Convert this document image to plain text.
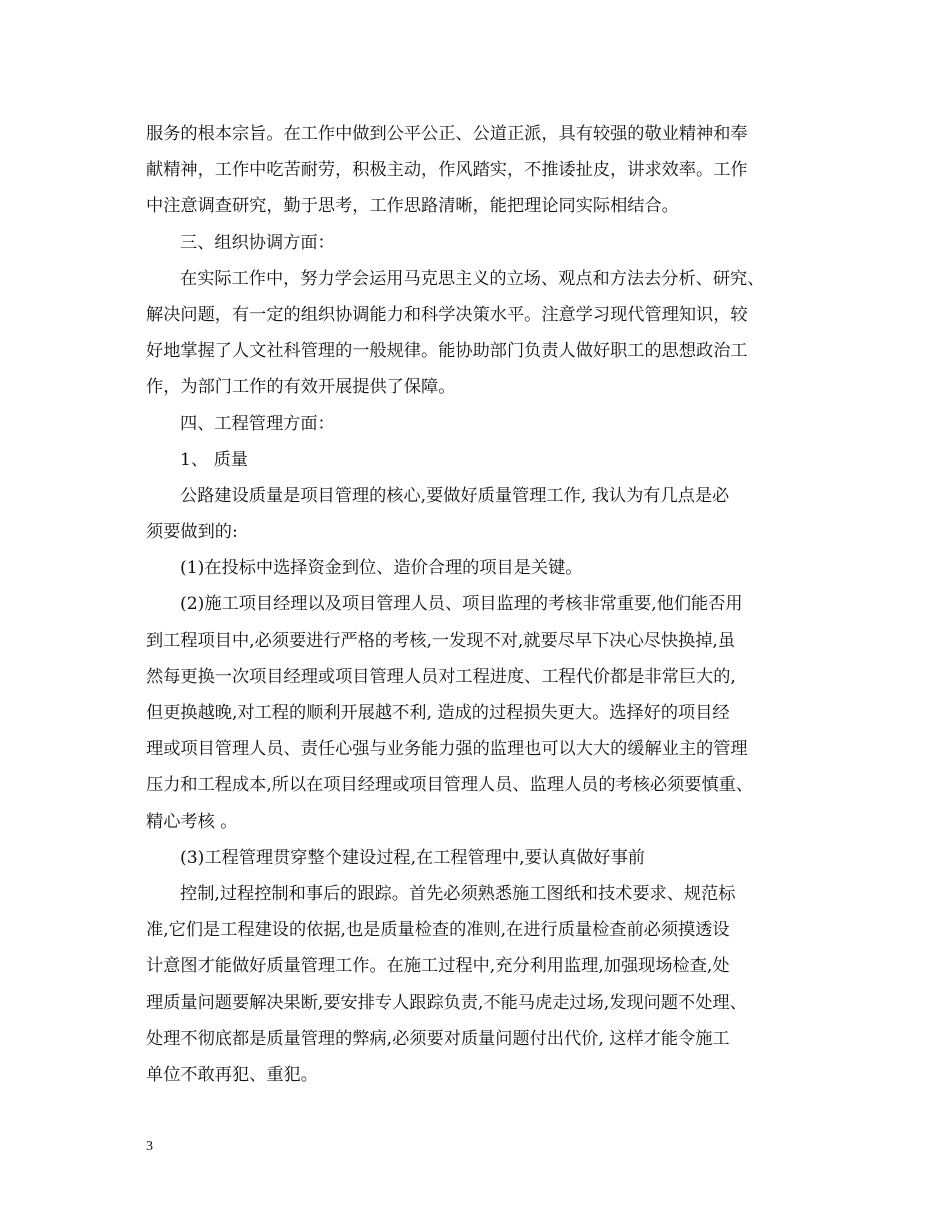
服务的根本宗旨。在工作中做到公平公正、公道正派，具有较强的敬业精神和奉
献精神，工作中吃苦耐劳，积极主动，作风踏实，不推诿扯皮，讲求效率。工作
中注意调查研究，勤于思考，工作思路清晰，能把理论同实际相结合。
三、组织协调方面：
在实际工作中，努力学会运用马克思主义的立场、观点和方法去分析、研究、
解决问题，有一定的组织协调能力和科学决策水平。注意学习现代管理知识，较
好地掌握了人文社科管理的一般规律。能协助部门负责人做好职工的思想政治工
作，为部门工作的有效开展提供了保障。
四、工程管理方面：
1、 质量
公路建设质量是项目管理的核心,要做好质量管理工作, 我认为有几点是必
须要做到的:
(1)在投标中选择资金到位、造价合理的项目是关键。
(2)施工项目经理以及项目管理人员、项目监理的考核非常重要,他们能否用
到工程项目中,必须要进行严格的考核,一发现不对,就要尽早下决心尽快换掉,虽
然每更换一次项目经理或项目管理人员对工程进度、工程代价都是非常巨大的,
但更换越晚,对工程的顺利开展越不利, 造成的过程损失更大。选择好的项目经
理或项目管理人员、责任心强与业务能力强的监理也可以大大的缓解业主的管理
压力和工程成本,所以在项目经理或项目管理人员、监理人员的考核必须要慎重、
精心考核 。
(3)工程管理贯穿整个建设过程,在工程管理中,要认真做好事前
控制,过程控制和事后的跟踪。首先必须熟悉施工图纸和技术要求、规范标
准,它们是工程建设的依据,也是质量检查的准则,在进行质量检查前必须摸透设
计意图才能做好质量管理工作。在施工过程中,充分利用监理,加强现场检查,处
理质量问题要解决果断,要安排专人跟踪负责,不能马虎走过场,发现问题不处理、
处理不彻底都是质量管理的弊病,必须要对质量问题付出代价, 这样才能令施工
单位不敢再犯、重犯。
3
